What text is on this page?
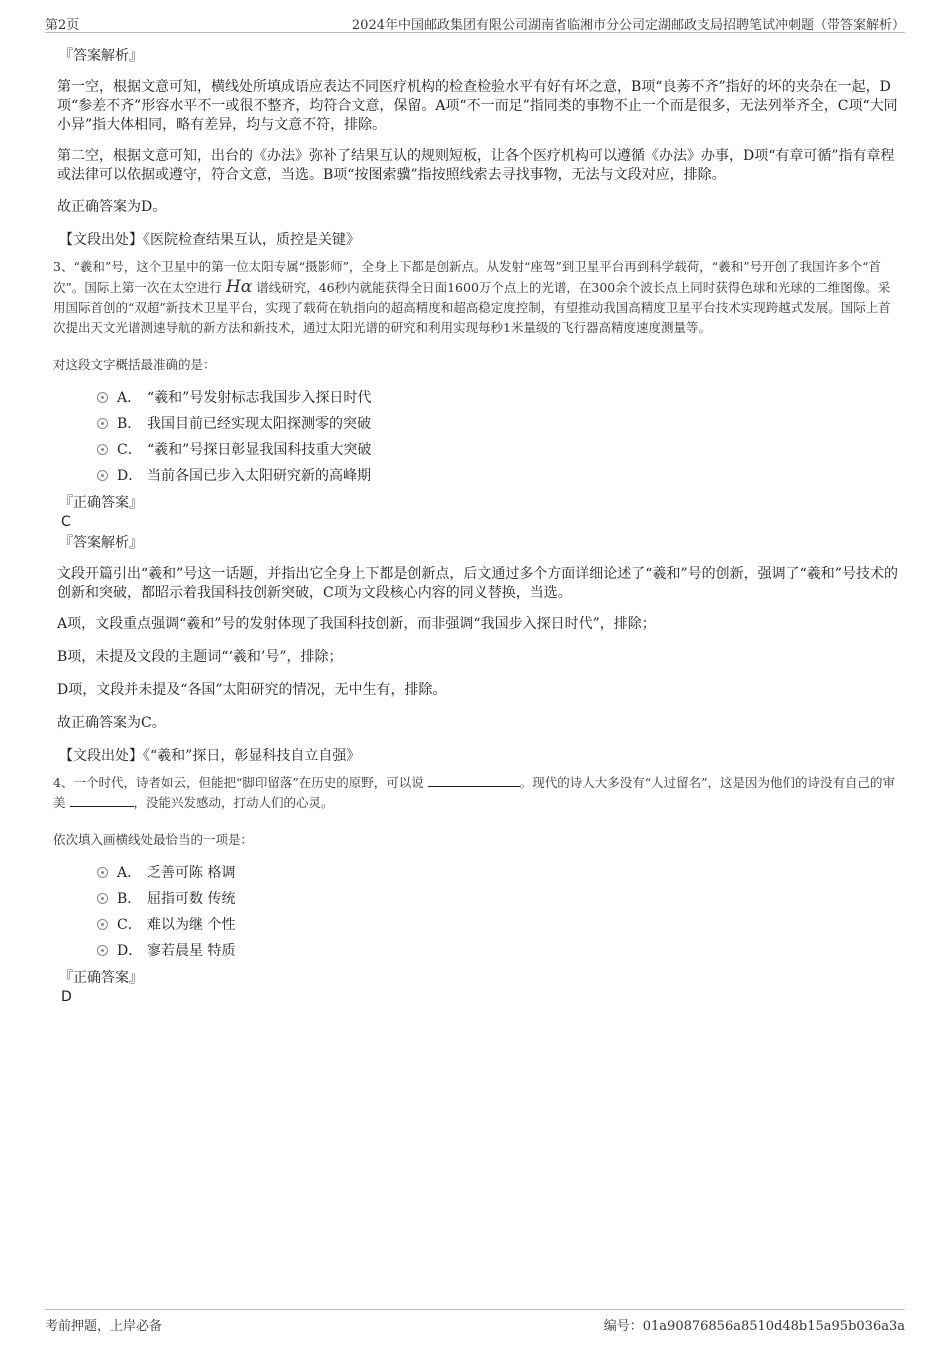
第2页	2024年中国邮政集团有限公司湖南省临湘市分公司定湖邮政支局招聘笔试冲刺题（带答案解析）
『答案解析』

第一空，根据文意可知，横线处所填成语应表达不同医疗机构的检查检验水平有好有坏之意，B项“良莠不齐”指好的坏的夹杂在一起，D项“参差不齐”形容水平不一或很不整齐，均符合文意，保留。A项“不一而足”指同类的事物不止一个而是很多，无法列举齐全，C项“大同小异”指大体相同，略有差异，均与文意不符，排除。

第二空，根据文意可知，出台的《办法》弥补了结果互认的规则短板，让各个医疗机构可以遵循《办法》办事，D项“有章可循”指有章程或法律可以依据或遵守，符合文意，当选。B项“按图索骥”指按照线索去寻找事物，无法与文段对应，排除。

故正确答案为D。

【文段出处】《医院检查结果互认，质控是关键》

3、“羲和”号，这个卫星中的第一位太阳专属“摄影师”，全身上下都是创新点。从发射“座驾”到卫星平台再到科学载荷，“羲和”号开创了我国许多个“首次”。国际上第一次在太空进行 Hα 谱线研究，46秒内就能获得全日面1600万个点上的光谱，在300余个波长点上同时获得色球和光球的二维图像。采用国际首创的“双超”新技术卫星平台，实现了载荷在轨指向的超高精度和超高稳定度控制，有望推动我国高精度卫星平台技术实现跨越式发展。国际上首次提出天文光谱测速导航的新方法和新技术，通过太阳光谱的研究和利用实现每秒1米量级的飞行器高精度速度测量等。

对这段文字概括最准确的是：

A． “羲和”号发射标志我国步入探日时代
B． 我国目前已经实现太阳探测零的突破
C． “羲和”号探日彰显我国科技重大突破
D． 当前各国已步入太阳研究新的高峰期
『正确答案』
C
『答案解析』

文段开篇引出“羲和”号这一话题，并指出它全身上下都是创新点，后文通过多个方面详细论述了“羲和”号的创新，强调了“羲和”号技术的创新和突破，都昭示着我国科技创新突破，C项为文段核心内容的同义替换，当选。

A项，文段重点强调“羲和”号的发射体现了我国科技创新，而非强调“我国步入探日时代”，排除；

B项，未提及文段的主题词“‘羲和’号”，排除；

D项，文段并未提及“各国”太阳研究的情况，无中生有，排除。

故正确答案为C。

【文段出处】《“羲和”探日，彰显科技自立自强》

4、一个时代，诗者如云，但能把“脚印留落”在历史的原野，可以说	。现代的诗人大多没有“人过留名”，这是因为他们的诗没有自己的审美	，没能兴发感动，打动人们的心灵。

依次填入画横线处最恰当的一项是：

A． 乏善可陈 格调
B． 屈指可数 传统
C． 难以为继 个性
D． 寥若晨星 特质
『正确答案』
D
考前押题，上岸必备	编号：01a90876856a8510d48b15a95b036a3a
